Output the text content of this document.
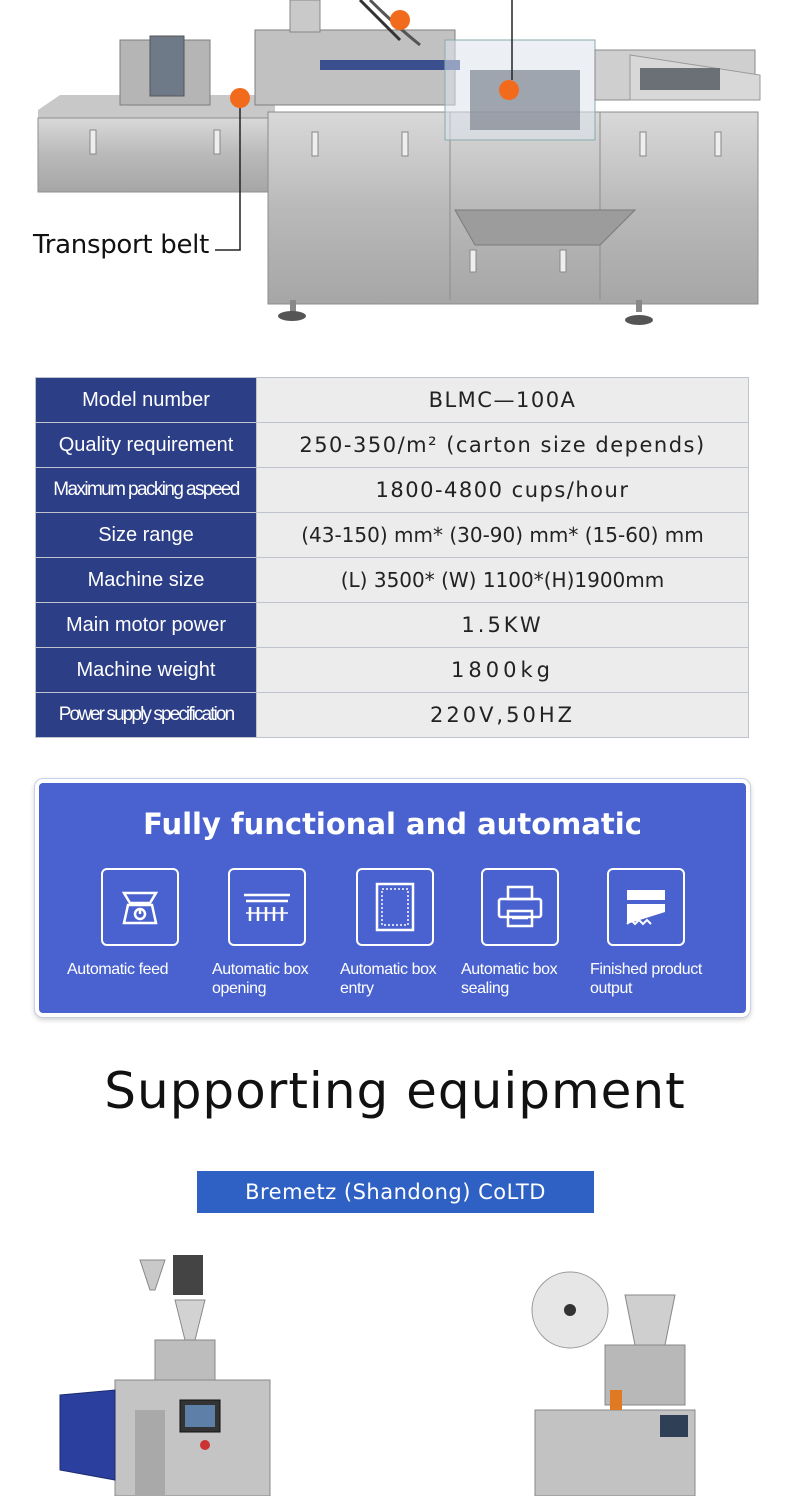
Transport belt
Model number	BLMC—100A
Quality requirement	250-350/m² (carton size depends)
Maximum packing aspeed	1800-4800 cups/hour
Size range	(43-150) mm* (30-90) mm* (15-60) mm
Machine size	(L) 3500* (W) 1100*(H)1900mm
Main motor power	1.5KW
Machine weight	1800kg
Power supply specification	220V,50HZ
Fully functional and automatic
Automatic feed	Automatic box
opening
Automatic box
entry
Automatic box
sealing
Finished product
output
Supporting equipment
Bremetz (Shandong) CoLTD
